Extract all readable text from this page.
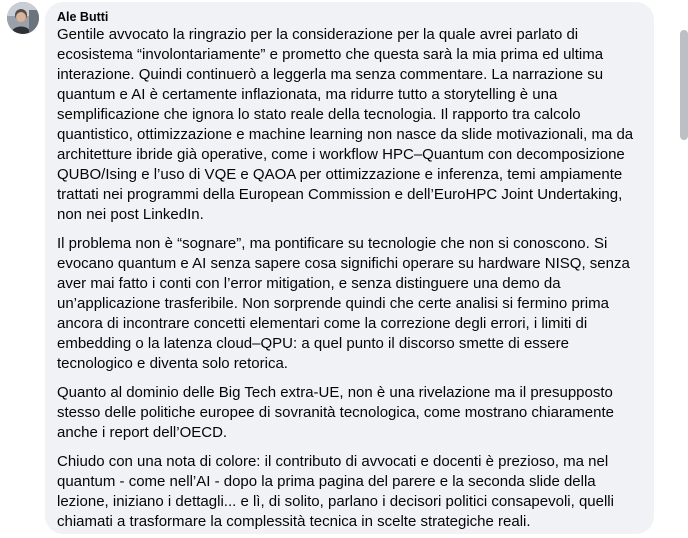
Ale Butti

Gentile avvocato la ringrazio per la considerazione per la quale avrei parlato di
ecosistema “involontariamente” e prometto che questa sarà la mia prima ed ultima
interazione. Quindi continuerò a leggerla ma senza commentare. La narrazione su
quantum e AI è certamente inflazionata, ma ridurre tutto a storytelling è una
semplificazione che ignora lo stato reale della tecnologia. Il rapporto tra calcolo
quantistico, ottimizzazione e machine learning non nasce da slide motivazionali, ma da
architetture ibride già operative, come i workflow HPC–Quantum con decomposizione
QUBO/Ising e l’uso di VQE e QAOA per ottimizzazione e inferenza, temi ampiamente
trattati nei programmi della European Commission e dell’EuroHPC Joint Undertaking,
non nei post LinkedIn.

Il problema non è “sognare”, ma pontificare su tecnologie che non si conoscono. Si
evocano quantum e AI senza sapere cosa significhi operare su hardware NISQ, senza
aver mai fatto i conti con l’error mitigation, e senza distinguere una demo da
un’applicazione trasferibile. Non sorprende quindi che certe analisi si fermino prima
ancora di incontrare concetti elementari come la correzione degli errori, i limiti di
embedding o la latenza cloud–QPU: a quel punto il discorso smette di essere
tecnologico e diventa solo retorica.

Quanto al dominio delle Big Tech extra-UE, non è una rivelazione ma il presupposto
stesso delle politiche europee di sovranità tecnologica, come mostrano chiaramente
anche i report dell’OECD.

Chiudo con una nota di colore: il contributo di avvocati e docenti è prezioso, ma nel
quantum - come nell’AI - dopo la prima pagina del parere e la seconda slide della
lezione, iniziano i dettagli... e lì, di solito, parlano i decisori politici consapevoli, quelli
chiamati a trasformare la complessità tecnica in scelte strategiche reali.
